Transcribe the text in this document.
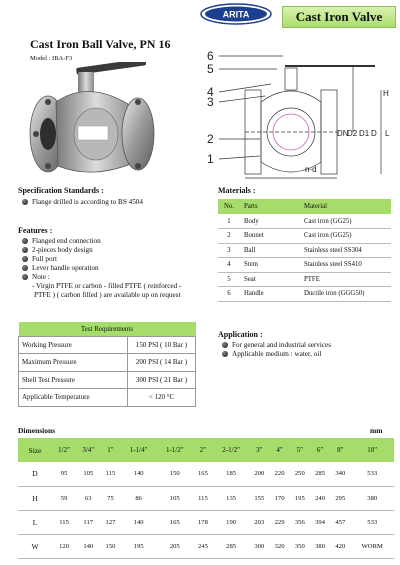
ARITA	Cast Iron Valve
Cast Iron Ball Valve, PN 16
Model : IBA-F3	6
5
4
3
2
1
H
L
D
D1
D2
DN
n-d
Specification Standards :
Flange drilled is according to BS 4504
Features :
Flanged end connection
2-pieces body design
Full port
Lever handle operation
Note :
- Virgin PTFE or carbon - filled PTFE ( reinforced -
PTFE ) ( carbon filled ) are available up on request
Materials :
No.	Parts	Material
1	Body	Cast iron (GG25)
2	Bonnet	Cast iron (GG25)
3	Ball	Stainless steel SS304
4	Stem	Stainless steel SS410
5	Seat	PTFE
6	Handle	Ductile iron (GGG50)
Test Requirements	
Working Pressure	150 PSI ( 10 Bar )
Maximum Pressure	200 PSI ( 14 Bar )
Shell Test Pressure	300 PSI ( 21 Bar )
Applicable Temperature	< 120 °C
Application :
For general and industrial services
Applicable medium : water, oil
Dimensions	mm
Size	1/2"	3/4"	1"	1-1/4"	1-1/2"	2"	2-1/2"	3"	4"	5"	6"	8"	10"
D	95	105	115	140	150	165	185	200	220	250	285	340	533
H	59	63	75	86	105	115	135	155	170	195	240	295	380
L	115	117	127	140	165	178	190	203	229	356	394	457	533
W	120	140	150	195	205	245	285	300	320	350	380	420	WORM
